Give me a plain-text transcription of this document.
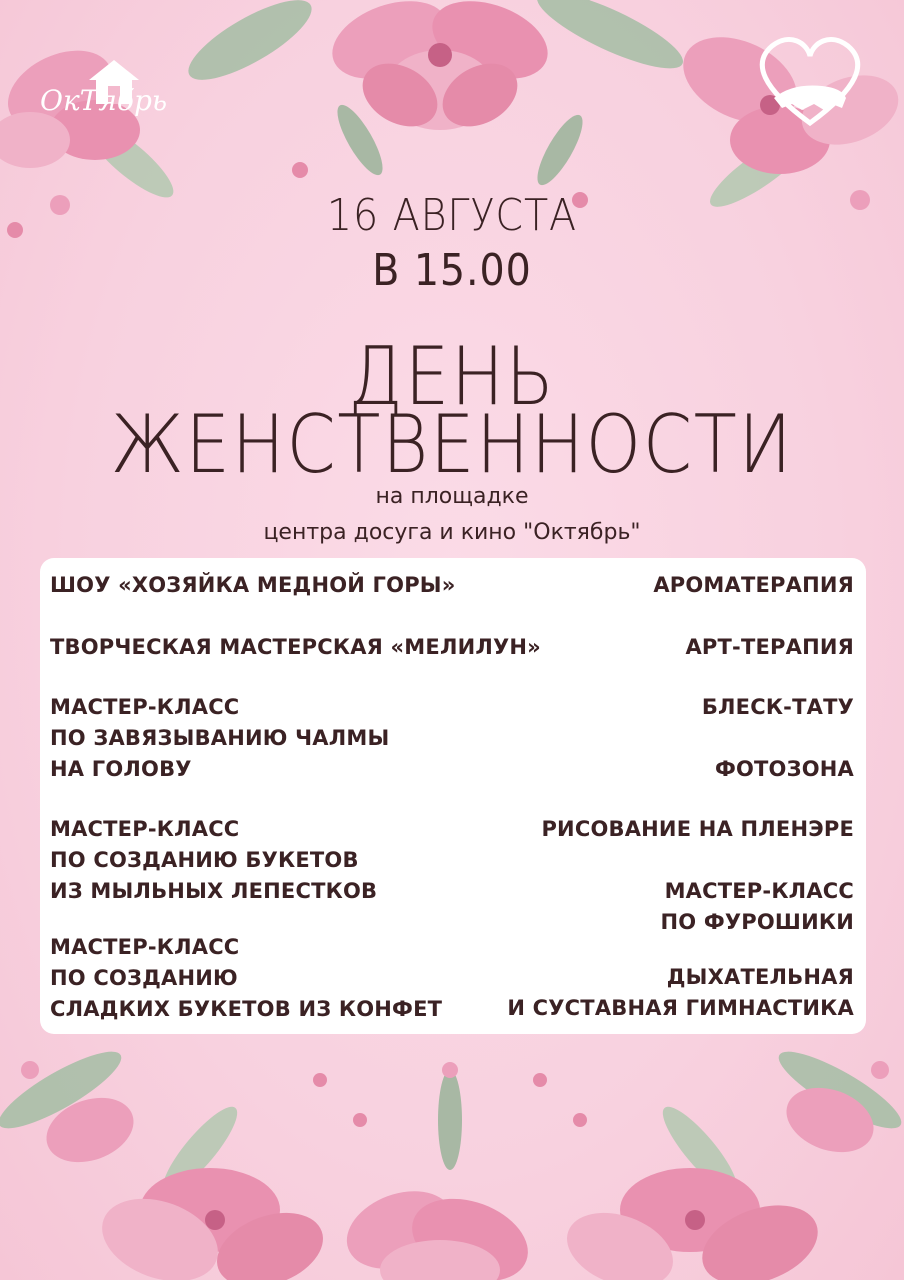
ОкТябрь
16 АВГУСТА
В 15.00
ДЕНЬ
ЖЕНСТВЕННОСТИ
на площадке
центра досуга и кино "Октябрь"
ШОУ «ХОЗЯЙКА МЕДНОЙ ГОРЫ»
ТВОРЧЕСКАЯ МАСТЕРСКАЯ «МЕЛИЛУН»
МАСТЕР-КЛАСС
ПО ЗАВЯЗЫВАНИЮ ЧАЛМЫ
НА ГОЛОВУ
МАСТЕР-КЛАСС
ПО СОЗДАНИЮ БУКЕТОВ
ИЗ МЫЛЬНЫХ ЛЕПЕСТКОВ
МАСТЕР-КЛАСС
ПО СОЗДАНИЮ
СЛАДКИХ БУКЕТОВ ИЗ КОНФЕТ
АРОМАТЕРАПИЯ
АРТ-ТЕРАПИЯ
БЛЕСК-ТАТУ
ФОТОЗОНА
РИСОВАНИЕ НА ПЛЕНЭРЕ
МАСТЕР-КЛАСС
ПО ФУРОШИКИ
ДЫХАТЕЛЬНАЯ
И СУСТАВНАЯ ГИМНАСТИКА
